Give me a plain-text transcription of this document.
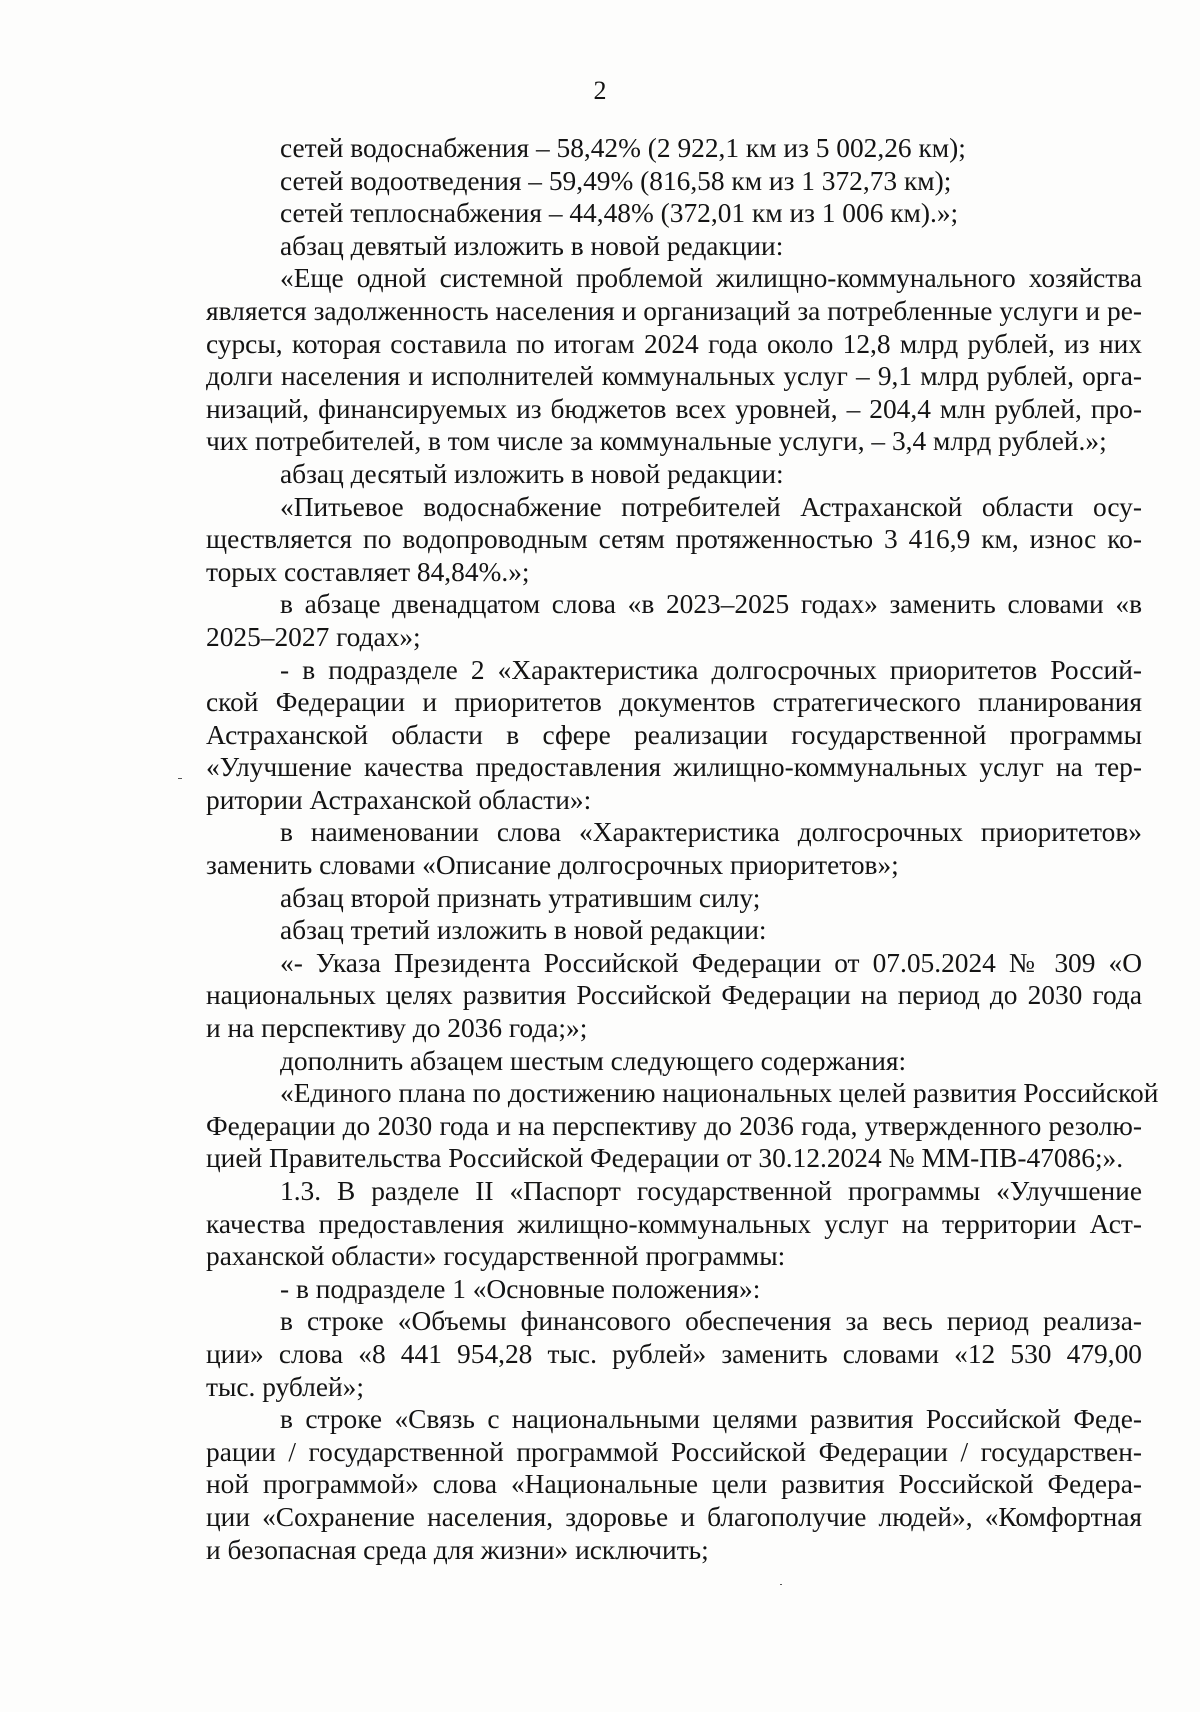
2
сетей водоснабжения – 58,42% (2 922,1 км из 5 002,26 км);
сетей водоотведения – 59,49% (816,58 км из 1 372,73 км);
сетей теплоснабжения – 44,48% (372,01 км из 1 006 км).»;
абзац девятый изложить в новой редакции:
«Еще одной системной проблемой жилищно-коммунального хозяйства
является задолженность населения и организаций за потребленные услуги и ре-
сурсы, которая составила по итогам 2024 года около 12,8 млрд рублей, из них
долги населения и исполнителей коммунальных услуг – 9,1 млрд рублей, орга-
низаций, финансируемых из бюджетов всех уровней, – 204,4 млн рублей, про-
чих потребителей, в том числе за коммунальные услуги, – 3,4 млрд рублей.»;
абзац десятый изложить в новой редакции:
«Питьевое водоснабжение потребителей Астраханской области осу-
ществляется по водопроводным сетям протяженностью 3 416,9 км, износ ко-
торых составляет 84,84%.»;
в абзаце двенадцатом слова «в 2023–2025 годах» заменить словами «в
2025–2027 годах»;
- в подразделе 2 «Характеристика долгосрочных приоритетов Россий-
ской Федерации и приоритетов документов стратегического планирования
Астраханской области в сфере реализации государственной программы
«Улучшение качества предоставления жилищно-коммунальных услуг на тер-
ритории Астраханской области»:
в наименовании слова «Характеристика долгосрочных приоритетов»
заменить словами «Описание долгосрочных приоритетов»;
абзац второй признать утратившим силу;
абзац третий изложить в новой редакции:
«- Указа Президента Российской Федерации от 07.05.2024 № 309 «О
национальных целях развития Российской Федерации на период до 2030 года
и на перспективу до 2036 года;»;
дополнить абзацем шестым следующего содержания:
«Единого плана по достижению национальных целей развития Российской
Федерации до 2030 года и на перспективу до 2036 года, утвержденного резолю-
цией Правительства Российской Федерации от 30.12.2024 № ММ-ПВ-47086;».
1.3. В разделе II «Паспорт государственной программы «Улучшение
качества предоставления жилищно-коммунальных услуг на территории Аст-
раханской области» государственной программы:
- в подразделе 1 «Основные положения»:
в строке «Объемы финансового обеспечения за весь период реализа-
ции» слова «8 441 954,28 тыс. рублей» заменить словами «12 530 479,00
тыс. рублей»;
в строке «Связь с национальными целями развития Российской Феде-
рации / государственной программой Российской Федерации / государствен-
ной программой» слова «Национальные цели развития Российской Федера-
ции «Сохранение населения, здоровье и благополучие людей», «Комфортная
и безопасная среда для жизни» исключить;
